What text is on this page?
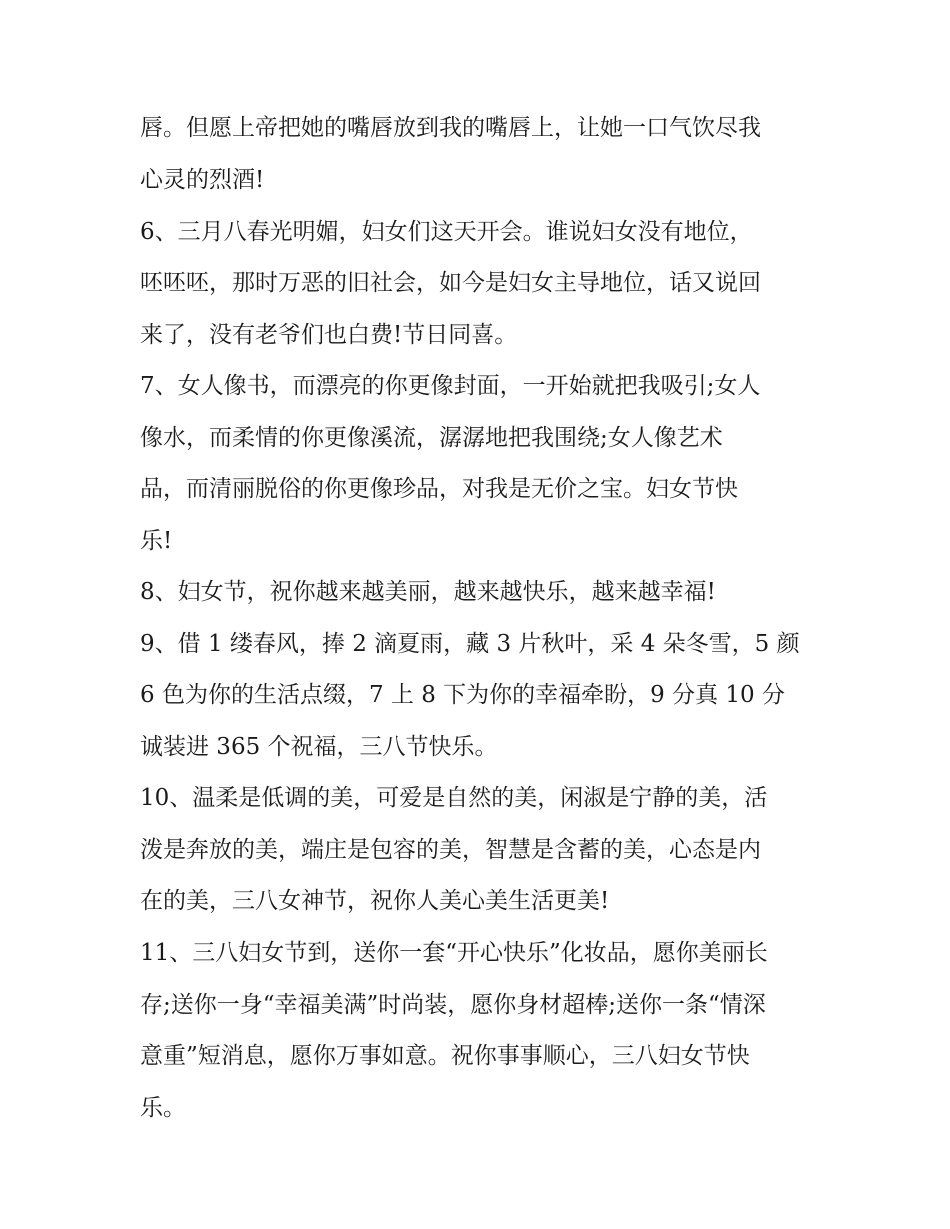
唇。但愿上帝把她的嘴唇放到我的嘴唇上，让她一口气饮尽我
心灵的烈酒!
6、三月八春光明媚，妇女们这天开会。谁说妇女没有地位，
呸呸呸，那时万恶的旧社会，如今是妇女主导地位，话又说回
来了，没有老爷们也白费!节日同喜。
7、女人像书，而漂亮的你更像封面，一开始就把我吸引;女人
像水，而柔情的你更像溪流，潺潺地把我围绕;女人像艺术
品，而清丽脱俗的你更像珍品，对我是无价之宝。妇女节快
乐!
8、妇女节，祝你越来越美丽，越来越快乐，越来越幸福!
9、借 1 缕春风，捧 2 滴夏雨，藏 3 片秋叶，采 4 朵冬雪，5 颜
6 色为你的生活点缀，7 上 8 下为你的幸福牵盼，9 分真 10 分
诚装进 365 个祝福，三八节快乐。
10、温柔是低调的美，可爱是自然的美，闲淑是宁静的美，活
泼是奔放的美，端庄是包容的美，智慧是含蓄的美，心态是内
在的美，三八女神节，祝你人美心美生活更美!
11、三八妇女节到，送你一套“开心快乐”化妆品，愿你美丽长
存;送你一身“幸福美满”时尚装，愿你身材超棒;送你一条“情深
意重”短消息，愿你万事如意。祝你事事顺心，三八妇女节快
乐。
